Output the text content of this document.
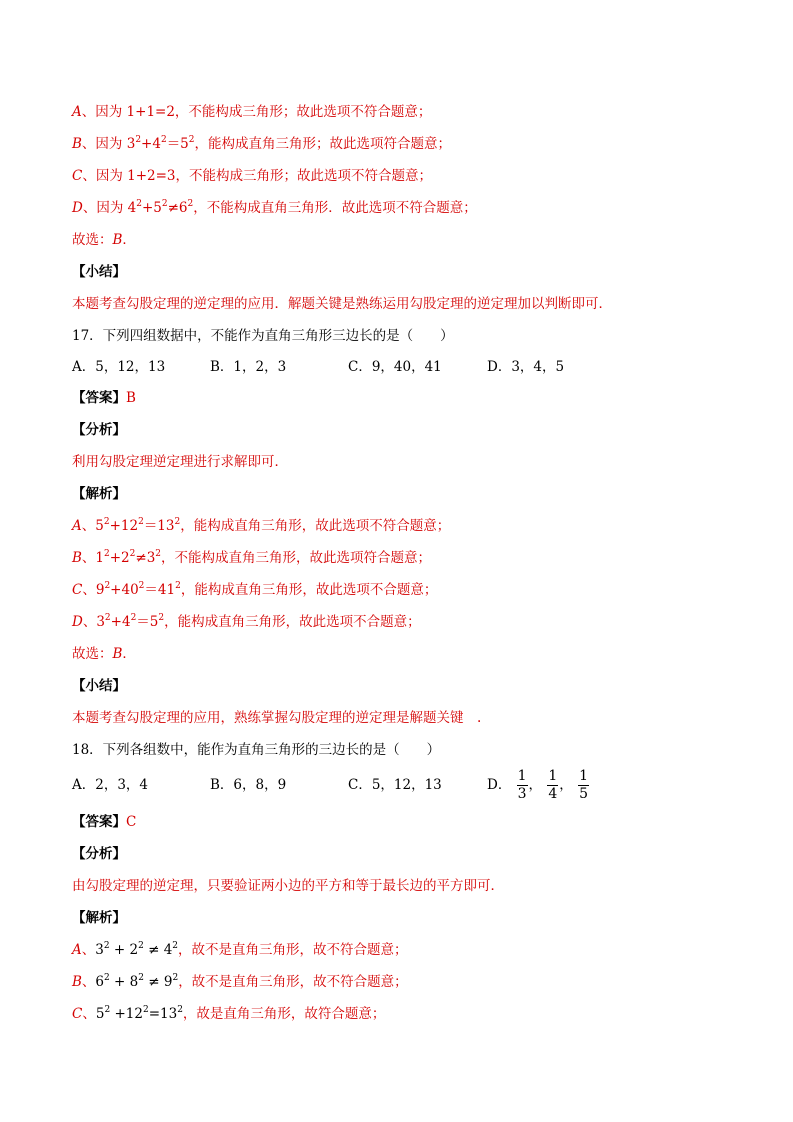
A、因为 1+1=2，不能构成三角形；故此选项不符合题意；
B、因为 $3^2+4^2=5^2$，能构成直角三角形；故此选项符合题意；
C、因为 1+2=3，不能构成三角形；故此选项不符合题意；
D、因为 $4^2+5^2\ne 6^2$，不能构成直角三角形．故此选项不符合题意；
故选：B．
【小结】
本题考查勾股定理的逆定理的应用．解题关键是熟练运用勾股定理的逆定理加以判断即可．
17．下列四组数据中，不能作为直角三角形三边长的是（　　）
A．5，12，13	B．1，2，3	C．9，40，41	D．3，4，5
【答案】B
【分析】
利用勾股定理逆定理进行求解即可．
【解析】
A、$5^2+12^2=13^2$，能构成直角三角形，故此选项不符合题意；
B、$1^2+2^2\ne 3^2$，不能构成直角三角形，故此选项符合题意；
C、$9^2+40^2=41^2$，能构成直角三角形，故此选项不合题意；
D、$3^2+4^2=5^2$，能构成直角三角形，故此选项不合题意；
故选：B．
【小结】
本题考查勾股定理的应用，熟练掌握勾股定理的逆定理是解题关键　.
18．下列各组数中，能作为直角三角形的三边长的是（　　）
A．2，3，4	B．6，8，9	C．5，12，13	D． $\frac{1}{3}$ ， $\frac{1}{4}$ ， $\frac{1}{5}$
【答案】C
【分析】
由勾股定理的逆定理，只要验证两小边的平方和等于最长边的平方即可．
【解析】
A、$3^2 + 2^2 \ne 4^2$，故不是直角三角形，故不符合题意；
B、$6^2 + 8^2 \ne 9^2$，故不是直角三角形，故不符合题意；
C、$5^2 +12^2=13^2$，故是直角三角形，故符合题意；
